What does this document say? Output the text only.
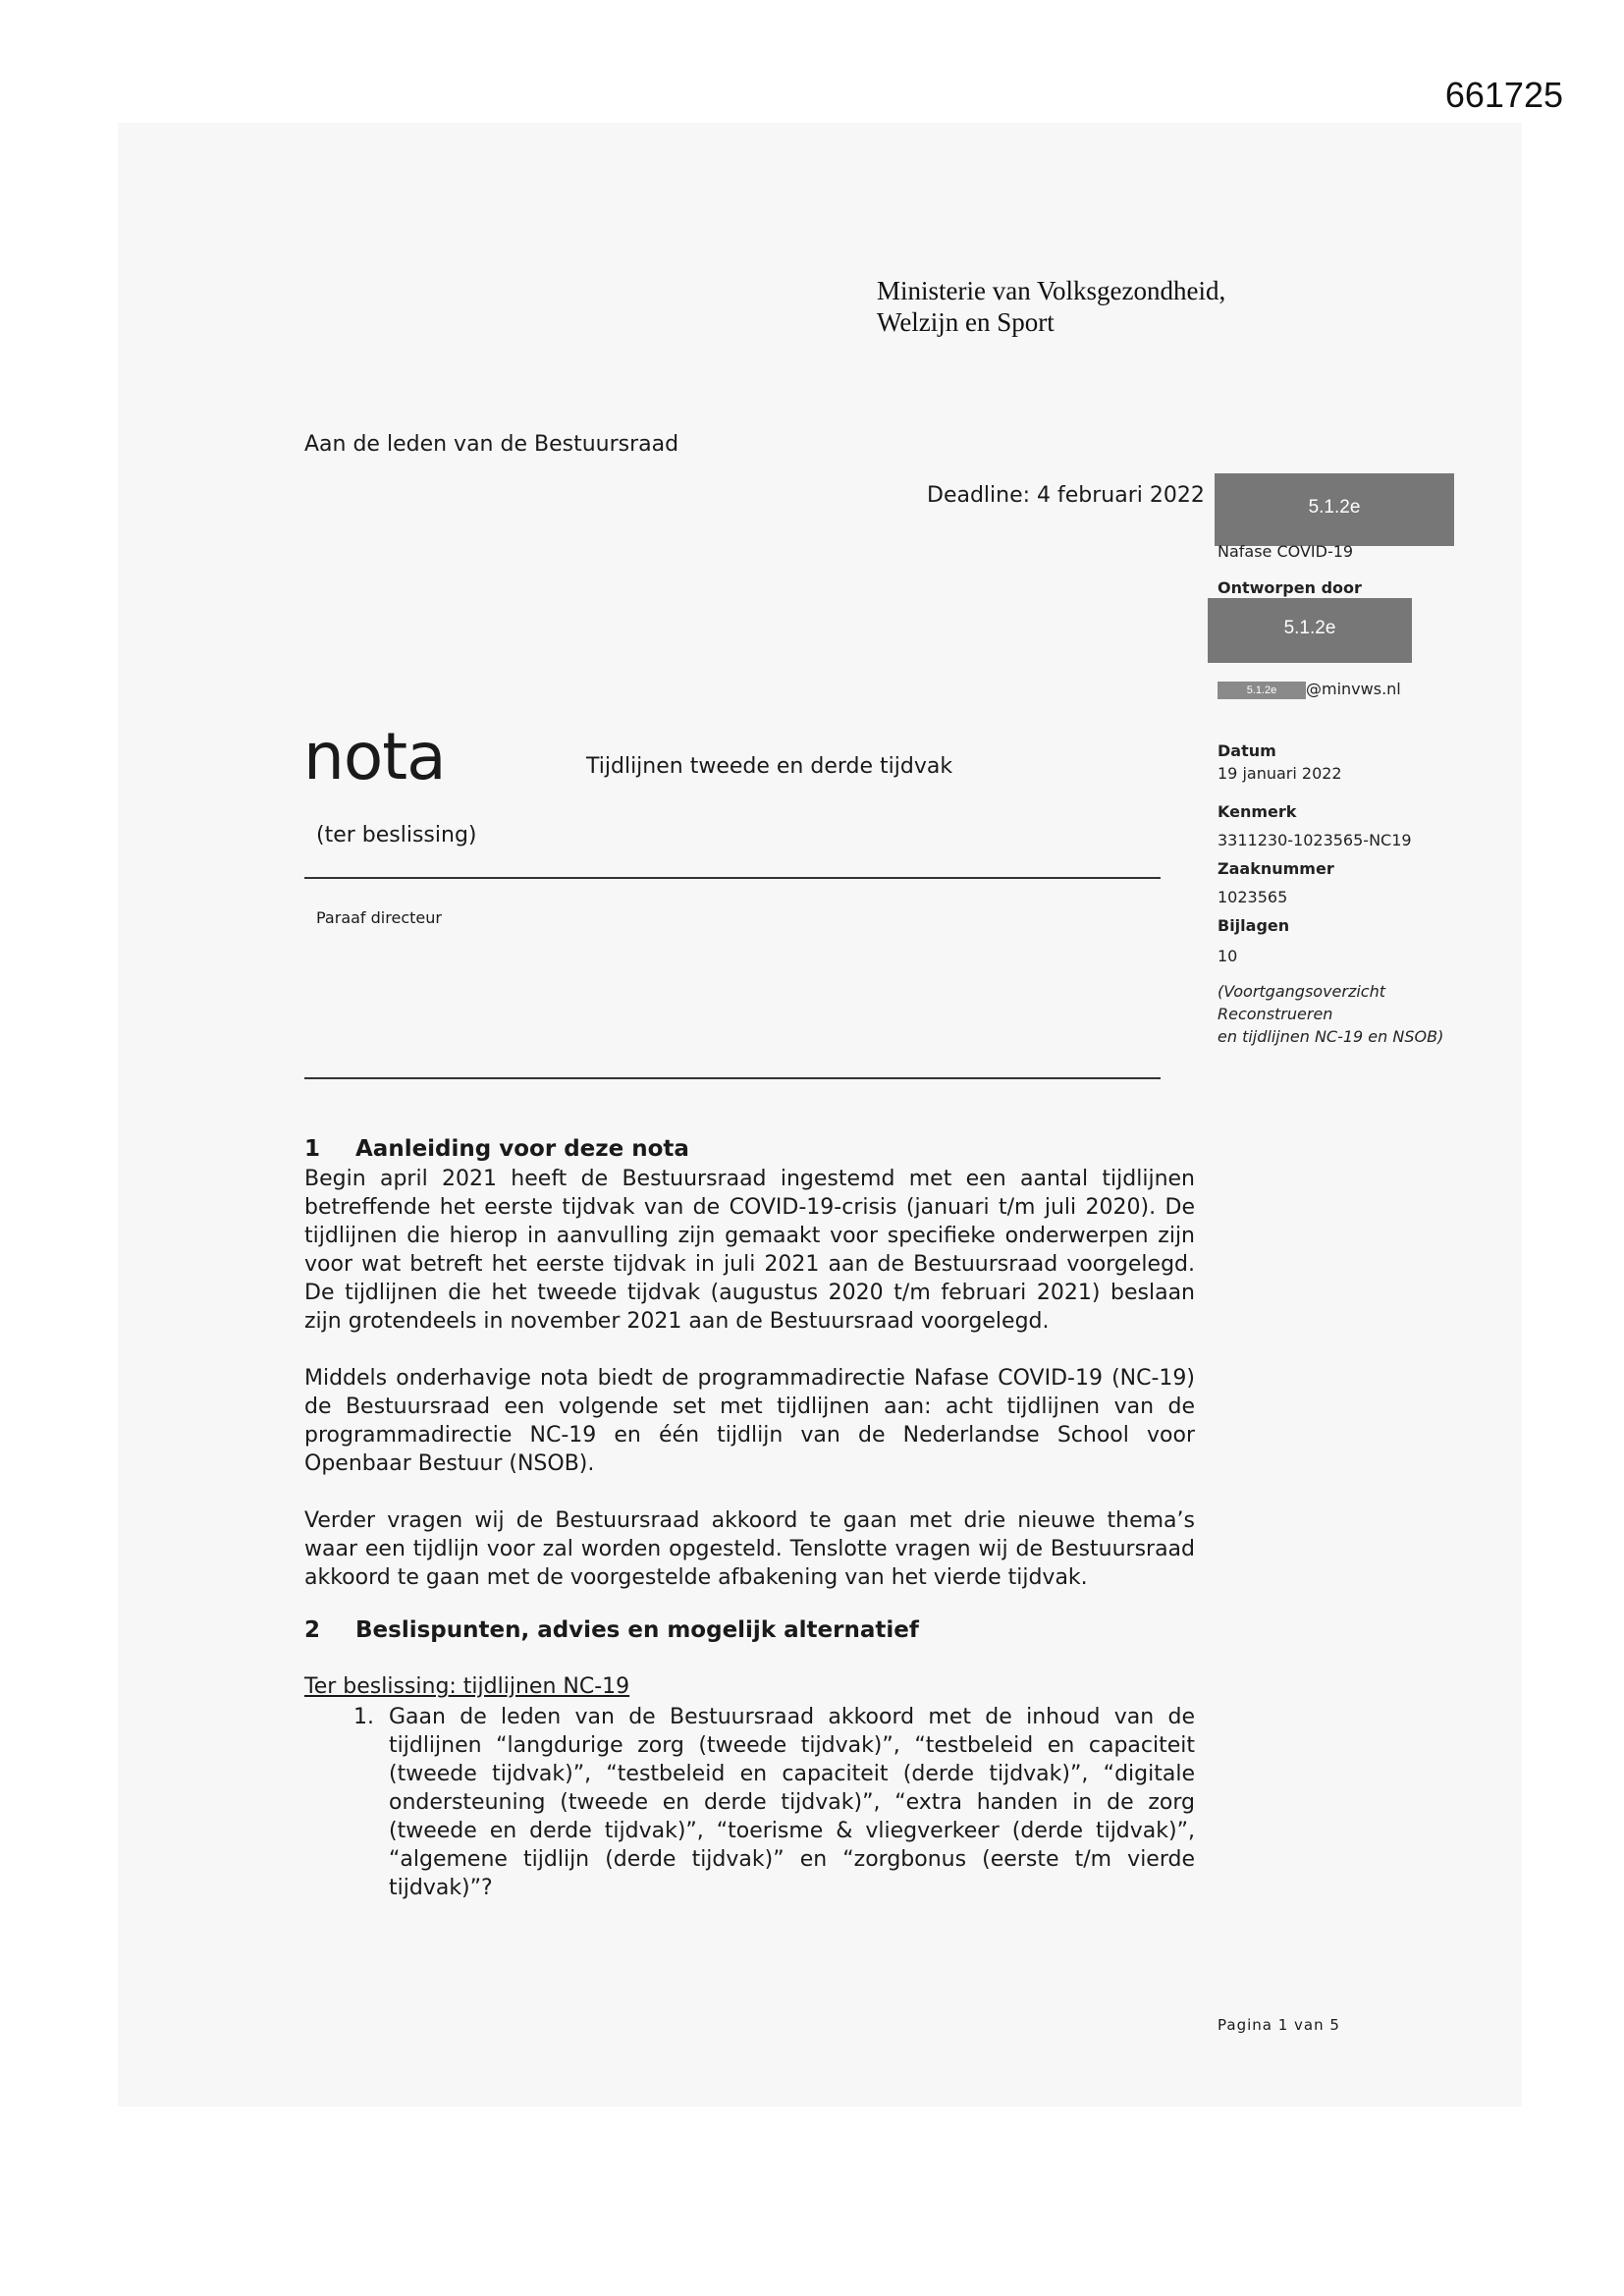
661725
Ministerie van Volksgezondheid,
Welzijn en Sport
Aan de leden van de Bestuursraad
Deadline: 4 februari 2022	5.1.2e
Nafase COVID-19
Ontworpen door
5.1.2e
5.1.2e	@minvws.nl
Datum
19 januari 2022
Kenmerk
3311230-1023565-NC19
Zaaknummer
1023565
Bijlagen
10
(Voortgangsoverzicht
Reconstrueren
en tijdlijnen NC-19 en NSOB)
nota	Tijdlijnen tweede en derde tijdvak
(ter beslissing)
Paraaf directeur
1 Aanleiding voor deze nota
Begin april 2021 heeft de Bestuursraad ingestemd met een aantal tijdlijnen betreffende het eerste tijdvak van de COVID-19-crisis (januari t/m juli 2020). De tijdlijnen die hierop in aanvulling zijn gemaakt voor specifieke onderwerpen zijn voor wat betreft het eerste tijdvak in juli 2021 aan de Bestuursraad voorgelegd. De tijdlijnen die het tweede tijdvak (augustus 2020 t/m februari 2021) beslaan zijn grotendeels in november 2021 aan de Bestuursraad voorgelegd.
Middels onderhavige nota biedt de programmadirectie Nafase COVID-19 (NC-19) de Bestuursraad een volgende set met tijdlijnen aan: acht tijdlijnen van de programmadirectie NC-19 en één tijdlijn van de Nederlandse School voor Openbaar Bestuur (NSOB).
Verder vragen wij de Bestuursraad akkoord te gaan met drie nieuwe thema’s waar een tijdlijn voor zal worden opgesteld. Tenslotte vragen wij de Bestuursraad akkoord te gaan met de voorgestelde afbakening van het vierde tijdvak.
2 Beslispunten, advies en mogelijk alternatief
Ter beslissing: tijdlijnen NC-19
1. Gaan de leden van de Bestuursraad akkoord met de inhoud van de tijdlijnen “langdurige zorg (tweede tijdvak)”, “testbeleid en capaciteit (tweede tijdvak)”, “testbeleid en capaciteit (derde tijdvak)”, “digitale ondersteuning (tweede en derde tijdvak)”, “extra handen in de zorg (tweede en derde tijdvak)”, “toerisme & vliegverkeer (derde tijdvak)”, “algemene tijdlijn (derde tijdvak)” en “zorgbonus (eerste t/m vierde tijdvak)”?
Pagina 1 van 5
